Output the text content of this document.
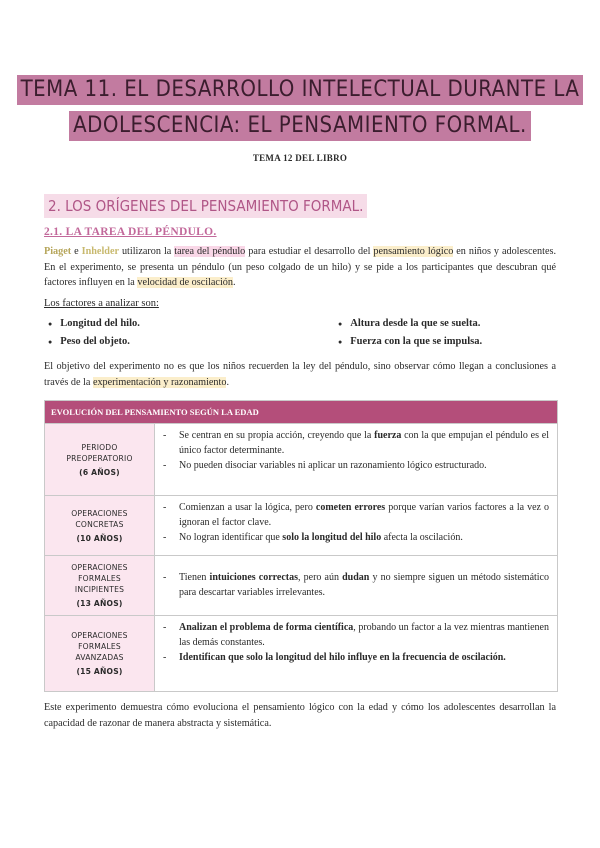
TEMA 11. EL DESARROLLO INTELECTUAL DURANTE LA
ADOLESCENCIA: EL PENSAMIENTO FORMAL.
TEMA 12 DEL LIBRO
2. LOS ORÍGENES DEL PENSAMIENTO FORMAL.
2.1. LA TAREA DEL PÉNDULO.
Piaget e Inhelder utilizaron la tarea del péndulo para estudiar el desarrollo del pensamiento lógico en niños y adolescentes. En el experimento, se presenta un péndulo (un peso colgado de un hilo) y se pide a los participantes que descubran qué factores influyen en la velocidad de oscilación.
Los factores a analizar son:
● Longitud del hilo.
● Peso del objeto.
● Altura desde la que se suelta.
● Fuerza con la que se impulsa.
El objetivo del experimento no es que los niños recuerden la ley del péndulo, sino observar cómo llegan a conclusiones a través de la experimentación y razonamiento.
EVOLUCIÓN DEL PENSAMIENTO SEGÚN LA EDAD
PERIODO PREOPERATORIO
(6 AÑOS)
- Se centran en su propia acción, creyendo que la fuerza con la que empujan el péndulo es el único factor determinante.
- No pueden disociar variables ni aplicar un razonamiento lógico estructurado.
OPERACIONES CONCRETAS
(10 AÑOS)
- Comienzan a usar la lógica, pero cometen errores porque varían varios factores a la vez o ignoran el factor clave.
- No logran identificar que solo la longitud del hilo afecta la oscilación.
OPERACIONES FORMALES INCIPIENTES
(13 AÑOS)
- Tienen intuiciones correctas, pero aún dudan y no siempre siguen un método sistemático para descartar variables irrelevantes.
OPERACIONES FORMALES AVANZADAS
(15 AÑOS)
- Analizan el problema de forma científica, probando un factor a la vez mientras mantienen las demás constantes.
- Identifican que solo la longitud del hilo influye en la frecuencia de oscilación.
Este experimento demuestra cómo evoluciona el pensamiento lógico con la edad y cómo los adolescentes desarrollan la capacidad de razonar de manera abstracta y sistemática.
